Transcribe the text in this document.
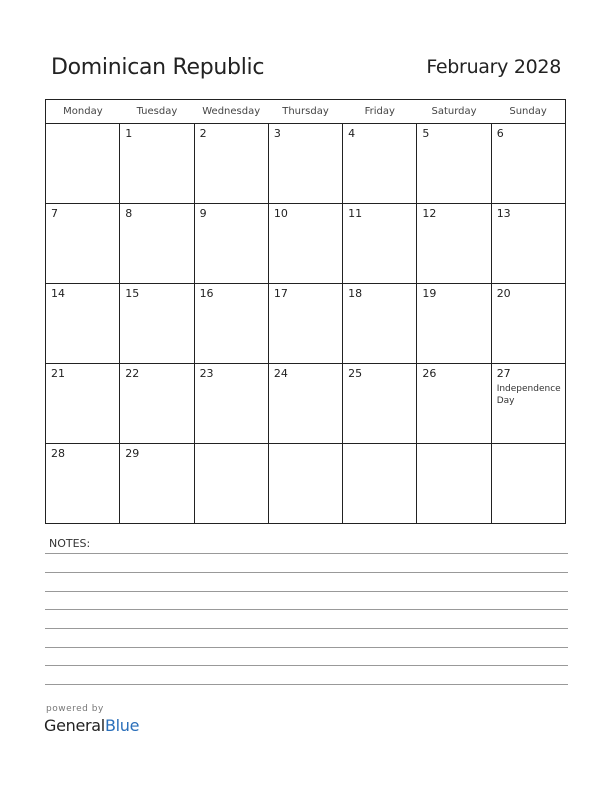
Dominican Republic	February 2028
Monday	Tuesday	Wednesday	Thursday	Friday	Saturday	Sunday

	1	2	3	4	5	6

7	8	9	10	11	12	13

14	15	16	17	18	19	20

21	22	23	24	25	26	27
Independence Day

28	29					

NOTES:
powered by
GeneralBlue
